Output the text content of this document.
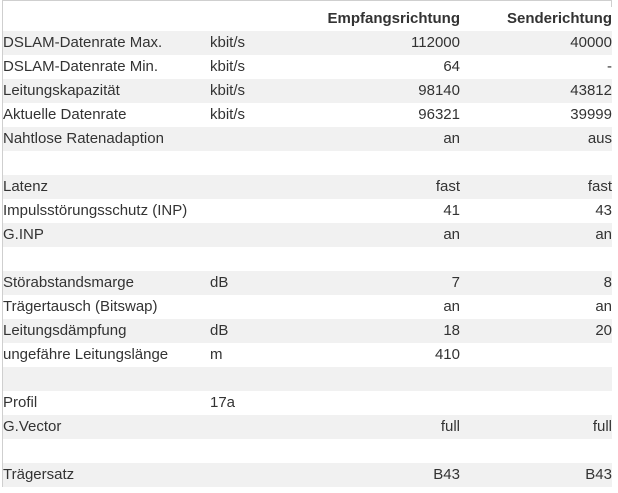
		Empfangsrichtung	Senderichtung
DSLAM-Datenrate Max.	kbit/s	112000	40000
DSLAM-Datenrate Min.	kbit/s	64	-
Leitungskapazität	kbit/s	98140	43812
Aktuelle Datenrate	kbit/s	96321	39999
Nahtlose Ratenadaption		an	aus

Latenz		fast	fast
Impulsstörungsschutz (INP)		41	43
G.INP		an	an

Störabstandsmarge	dB	7	8
Trägertausch (Bitswap)		an	an
Leitungsdämpfung	dB	18	20
ungefähre Leitungslänge	m	410	

Profil	17a		
G.Vector		full	full

Trägersatz		B43	B43
